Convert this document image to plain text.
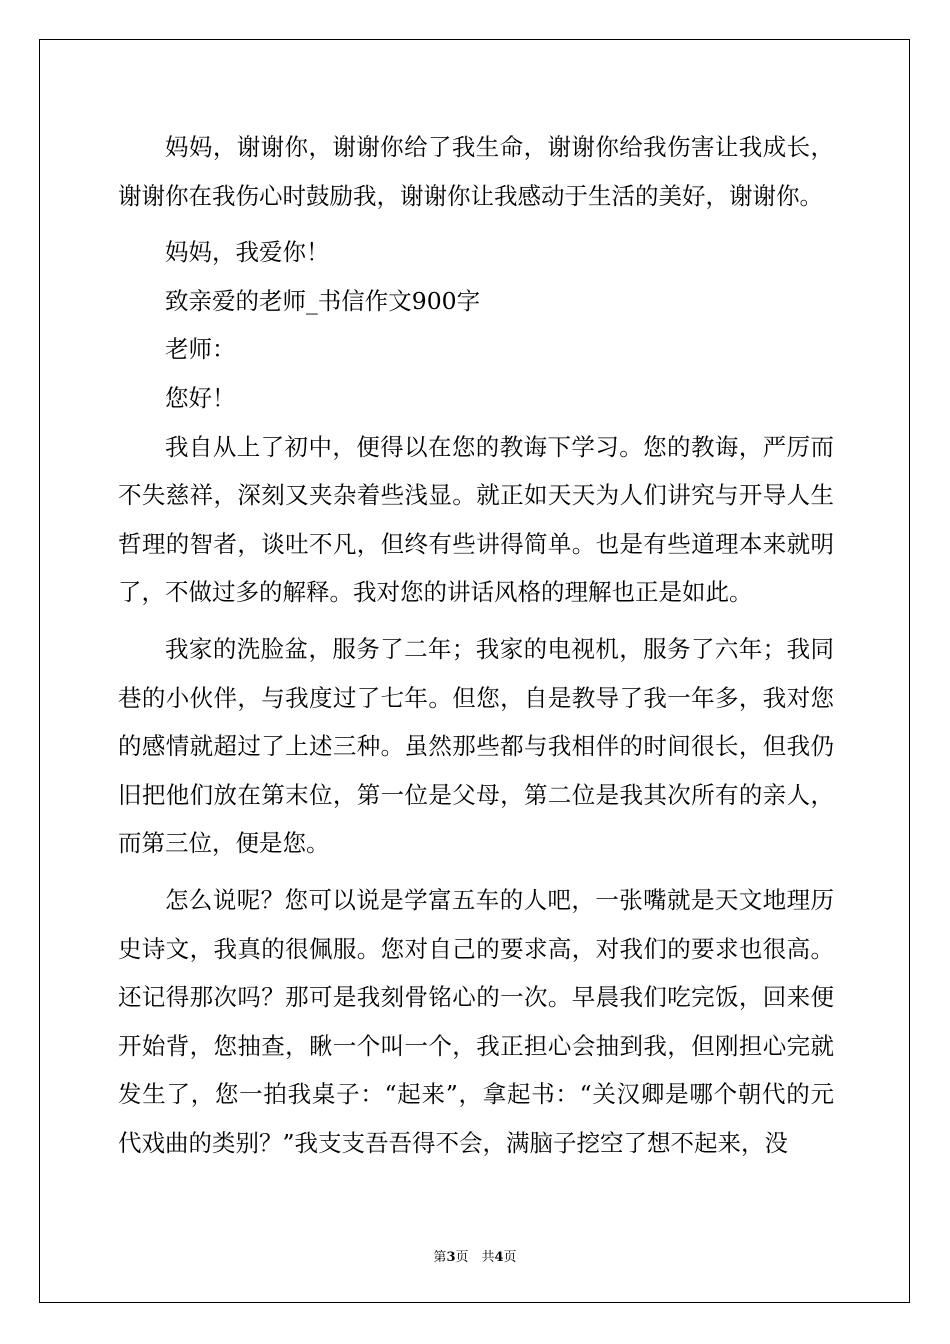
妈妈，谢谢你，谢谢你给了我生命，谢谢你给我伤害让我成长，谢谢你在我伤心时鼓励我，谢谢你让我感动于生活的美好，谢谢你。

妈妈，我爱你！

致亲爱的老师_书信作文900字

老师：

您好！

我自从上了初中，便得以在您的教诲下学习。您的教诲，严厉而不失慈祥，深刻又夹杂着些浅显。就正如天天为人们讲究与开导人生哲理的智者，谈吐不凡，但终有些讲得简单。也是有些道理本来就明了，不做过多的解释。我对您的讲话风格的理解也正是如此。

我家的洗脸盆，服务了二年；我家的电视机，服务了六年；我同巷的小伙伴，与我度过了七年。但您，自是教导了我一年多，我对您的感情就超过了上述三种。虽然那些都与我相伴的时间很长，但我仍旧把他们放在第末位，第一位是父母，第二位是我其次所有的亲人，而第三位，便是您。

怎么说呢？您可以说是学富五车的人吧，一张嘴就是天文地理历史诗文，我真的很佩服。您对自己的要求高，对我们的要求也很高。还记得那次吗？那可是我刻骨铭心的一次。早晨我们吃完饭，回来便开始背，您抽查，瞅一个叫一个，我正担心会抽到我，但刚担心完就发生了，您一拍我桌子：“起来”，拿起书：“关汉卿是哪个朝代的元代戏曲的类别？”我支支吾吾得不会，满脑子挖空了想不起来，没

第3页　共4页
